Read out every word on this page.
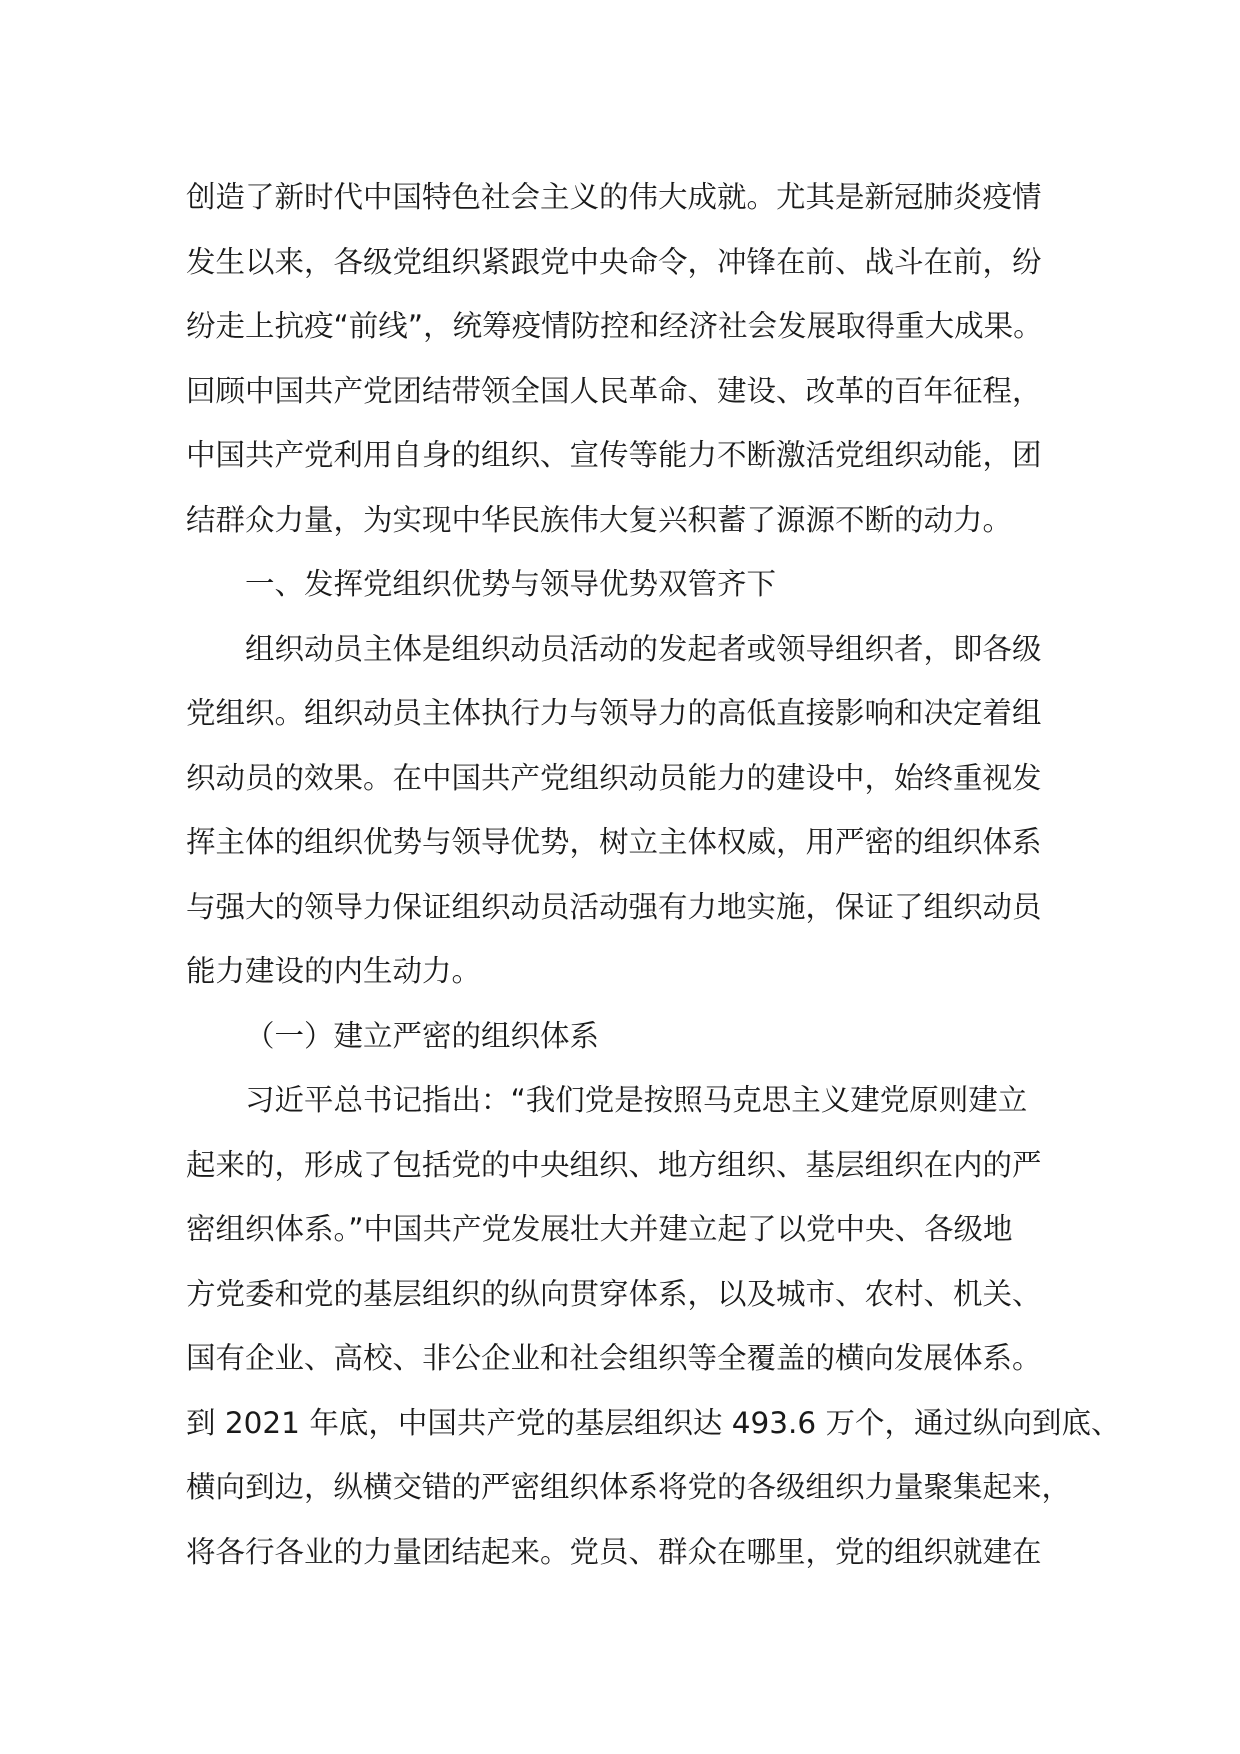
创造了新时代中国特色社会主义的伟大成就。尤其是新冠肺炎疫情
发生以来，各级党组织紧跟党中央命令，冲锋在前、战斗在前，纷
纷走上抗疫“前线”，统筹疫情防控和经济社会发展取得重大成果。
回顾中国共产党团结带领全国人民革命、建设、改革的百年征程，
中国共产党利用自身的组织、宣传等能力不断激活党组织动能，团
结群众力量，为实现中华民族伟大复兴积蓄了源源不断的动力。
一、发挥党组织优势与领导优势双管齐下
组织动员主体是组织动员活动的发起者或领导组织者，即各级
党组织。组织动员主体执行力与领导力的高低直接影响和决定着组
织动员的效果。在中国共产党组织动员能力的建设中，始终重视发
挥主体的组织优势与领导优势，树立主体权威，用严密的组织体系
与强大的领导力保证组织动员活动强有力地实施，保证了组织动员
能力建设的内生动力。
（一）建立严密的组织体系
习近平总书记指出：“我们党是按照马克思主义建党原则建立
起来的，形成了包括党的中央组织、地方组织、基层组织在内的严
密组织体系。”中国共产党发展壮大并建立起了以党中央、各级地
方党委和党的基层组织的纵向贯穿体系，以及城市、农村、机关、
国有企业、高校、非公企业和社会组织等全覆盖的横向发展体系。
到 2021 年底，中国共产党的基层组织达 493.6 万个，通过纵向到底、
横向到边，纵横交错的严密组织体系将党的各级组织力量聚集起来，
将各行各业的力量团结起来。党员、群众在哪里，党的组织就建在
